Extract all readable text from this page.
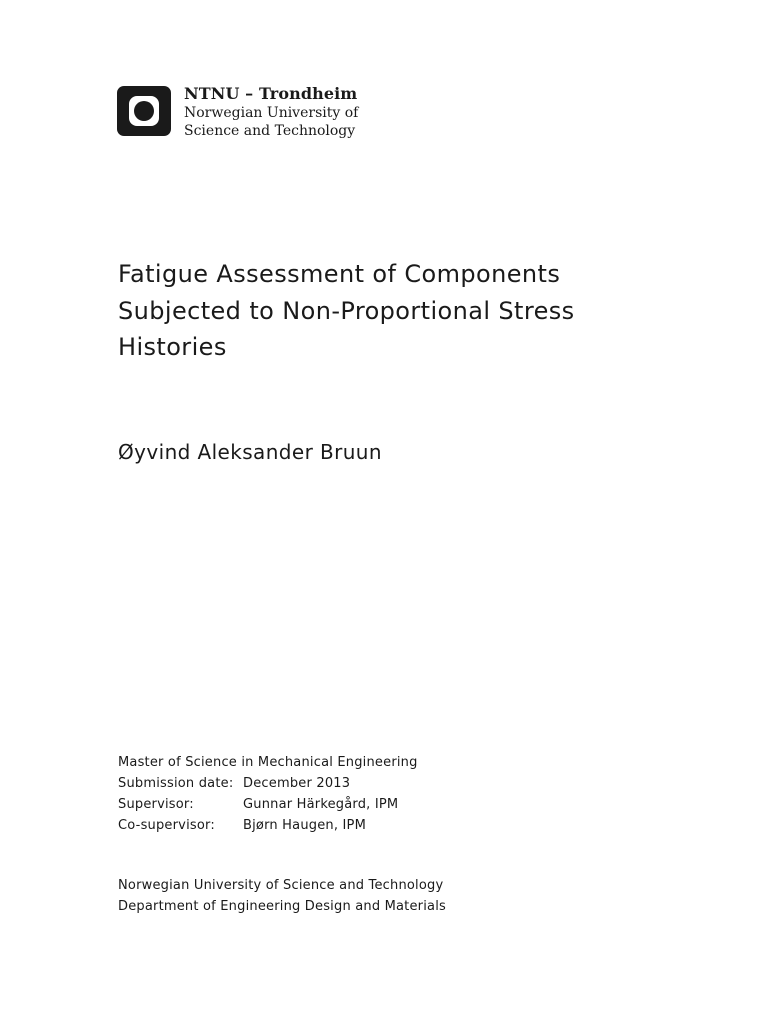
NTNU – Trondheim
Norwegian University of
Science and Technology
Fatigue Assessment of Components
Subjected to Non-Proportional Stress
Histories
Øyvind Aleksander Bruun
Master of Science in Mechanical Engineering
Submission date: December 2013
Supervisor:	Gunnar Härkegård, IPM
Co-supervisor:	Bjørn Haugen, IPM
Norwegian University of Science and Technology
Department of Engineering Design and Materials
